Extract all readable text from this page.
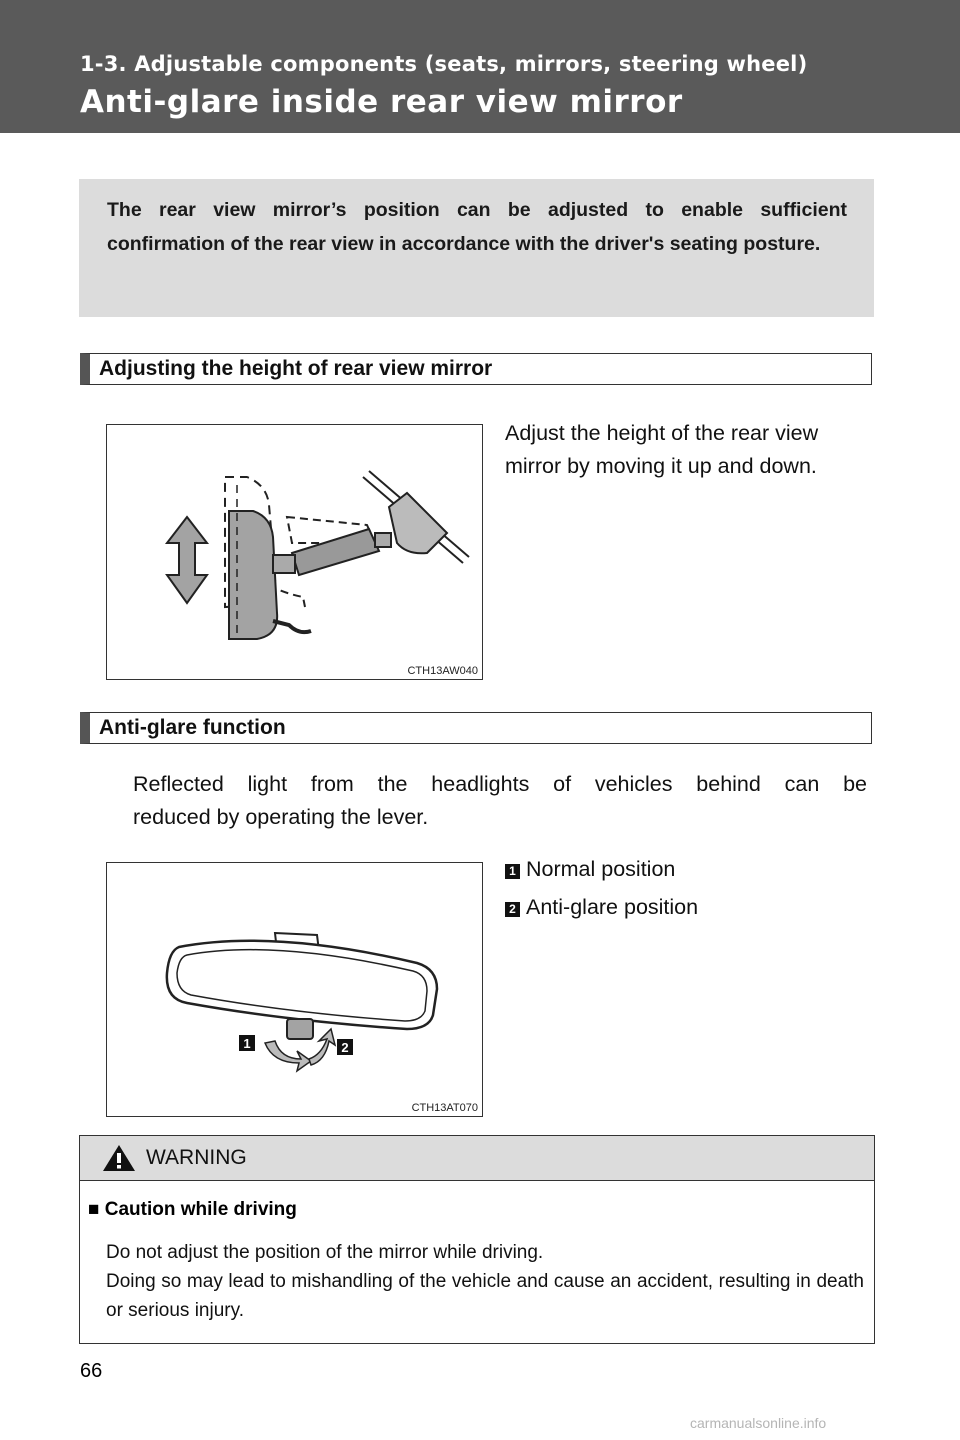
1-3. Adjustable components (seats, mirrors, steering wheel)
Anti-glare inside rear view mirror
The rear view mirror’s position can be adjusted to enable sufficient confirmation of the rear view in accordance with the driver's seating posture.
Adjusting the height of rear view mirror
CTH13AW040
Adjust the height of the rear view
mirror by moving it up and down.
Anti-glare function
Reflected light from the headlights of vehicles behind can be
reduced by operating the lever.
1 Normal position
2 Anti-glare position
1	2
CTH13AT070
WARNING
■ Caution while driving
Do not adjust the position of the mirror while driving.
Doing so may lead to mishandling of the vehicle and cause an accident, resulting in death or serious injury.
66
carmanualsonline.info
